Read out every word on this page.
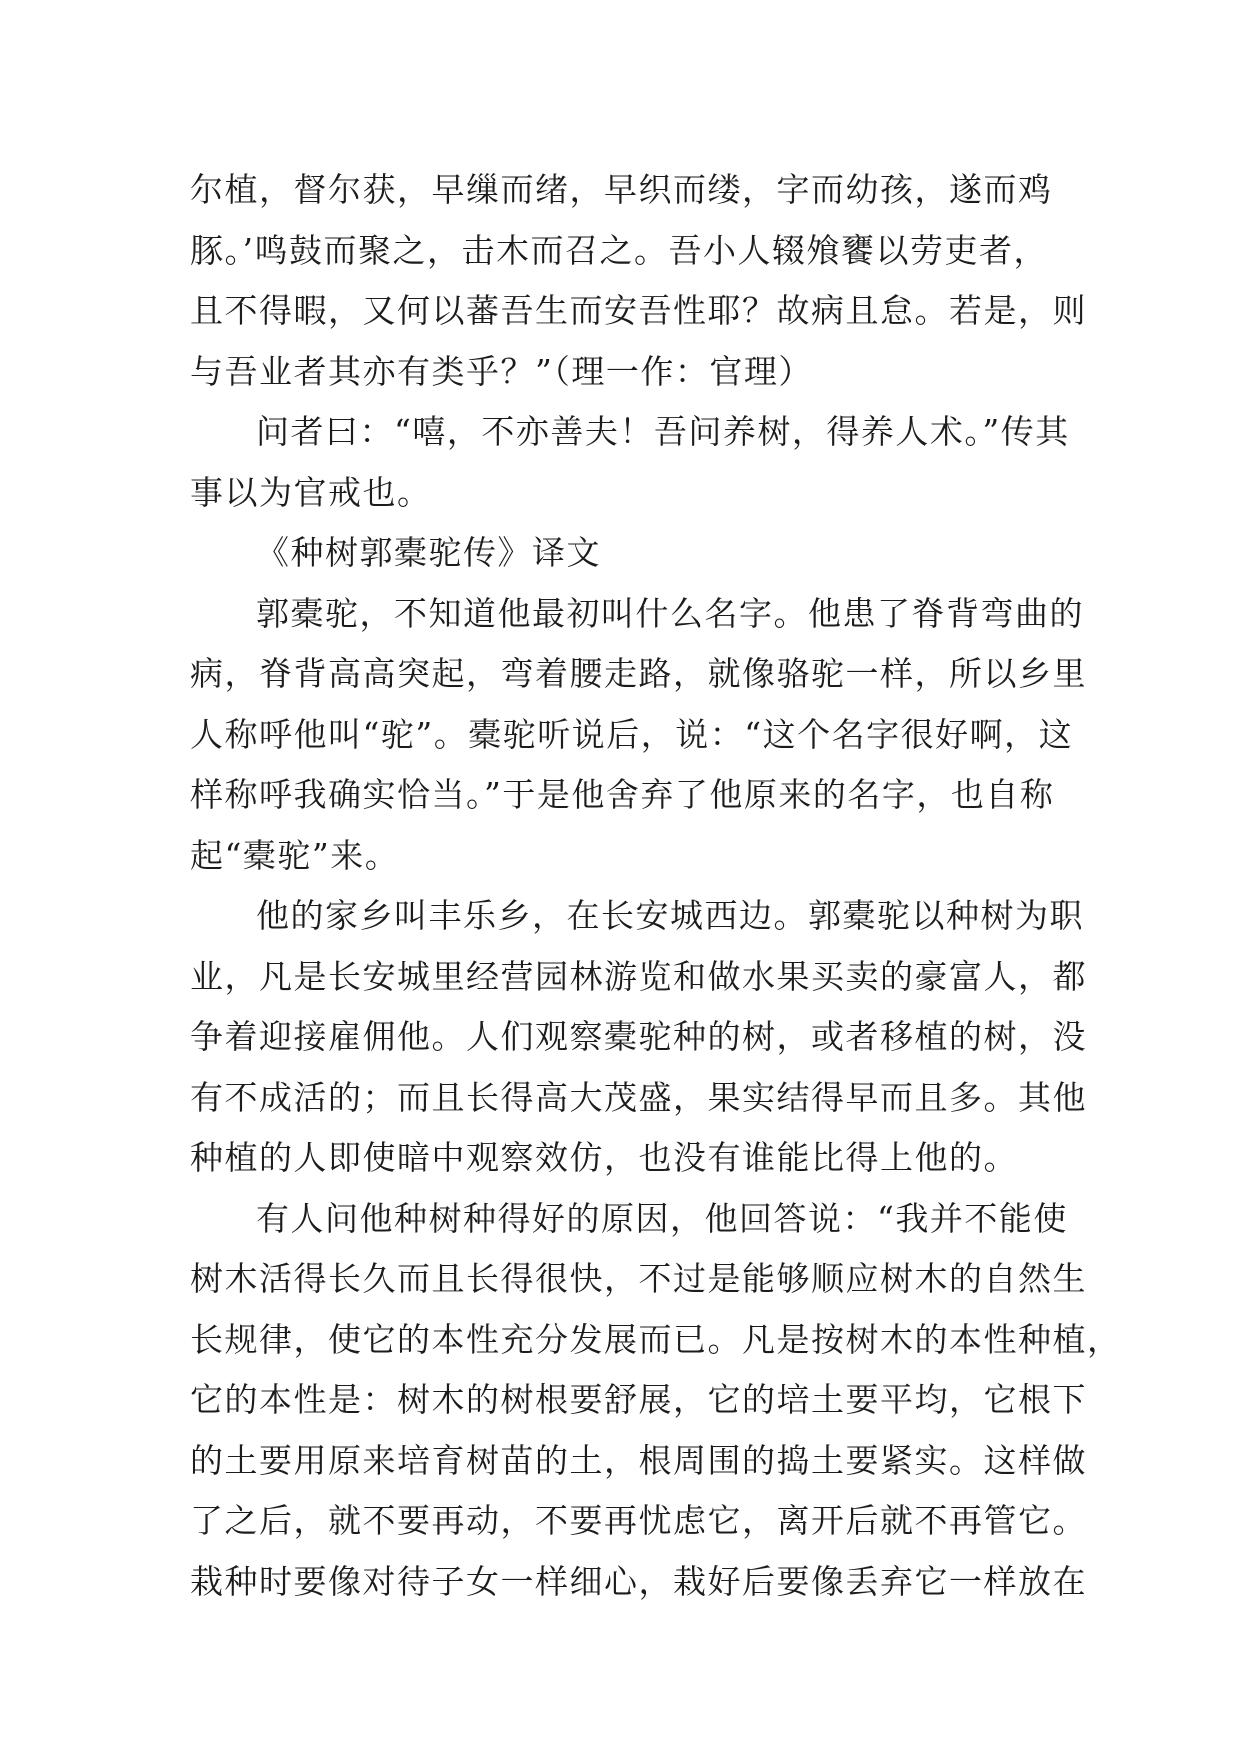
尔植，督尔获，早缫而绪，早织而缕，字而幼孩，遂而鸡
豚。’鸣鼓而聚之，击木而召之。吾小人辍飧饔以劳吏者，
且不得暇，又何以蕃吾生而安吾性耶？故病且怠。若是，则
与吾业者其亦有类乎？”（理一作：官理）
问者曰：“嘻，不亦善夫！吾问养树，得养人术。”传其
事以为官戒也。
《种树郭橐驼传》译文
郭橐驼，不知道他最初叫什么名字。他患了脊背弯曲的
病，脊背高高突起，弯着腰走路，就像骆驼一样，所以乡里
人称呼他叫“驼”。橐驼听说后，说：“这个名字很好啊，这
样称呼我确实恰当。”于是他舍弃了他原来的名字，也自称
起“橐驼”来。
他的家乡叫丰乐乡，在长安城西边。郭橐驼以种树为职
业，凡是长安城里经营园林游览和做水果买卖的豪富人，都
争着迎接雇佣他。人们观察橐驼种的树，或者移植的树，没
有不成活的；而且长得高大茂盛，果实结得早而且多。其他
种植的人即使暗中观察效仿，也没有谁能比得上他的。
有人问他种树种得好的原因，他回答说：“我并不能使
树木活得长久而且长得很快，不过是能够顺应树木的自然生
长规律，使它的本性充分发展而已。凡是按树木的本性种植，
它的本性是：树木的树根要舒展，它的培土要平均，它根下
的土要用原来培育树苗的土，根周围的捣土要紧实。这样做
了之后，就不要再动，不要再忧虑它，离开后就不再管它。
栽种时要像对待子女一样细心，栽好后要像丢弃它一样放在
